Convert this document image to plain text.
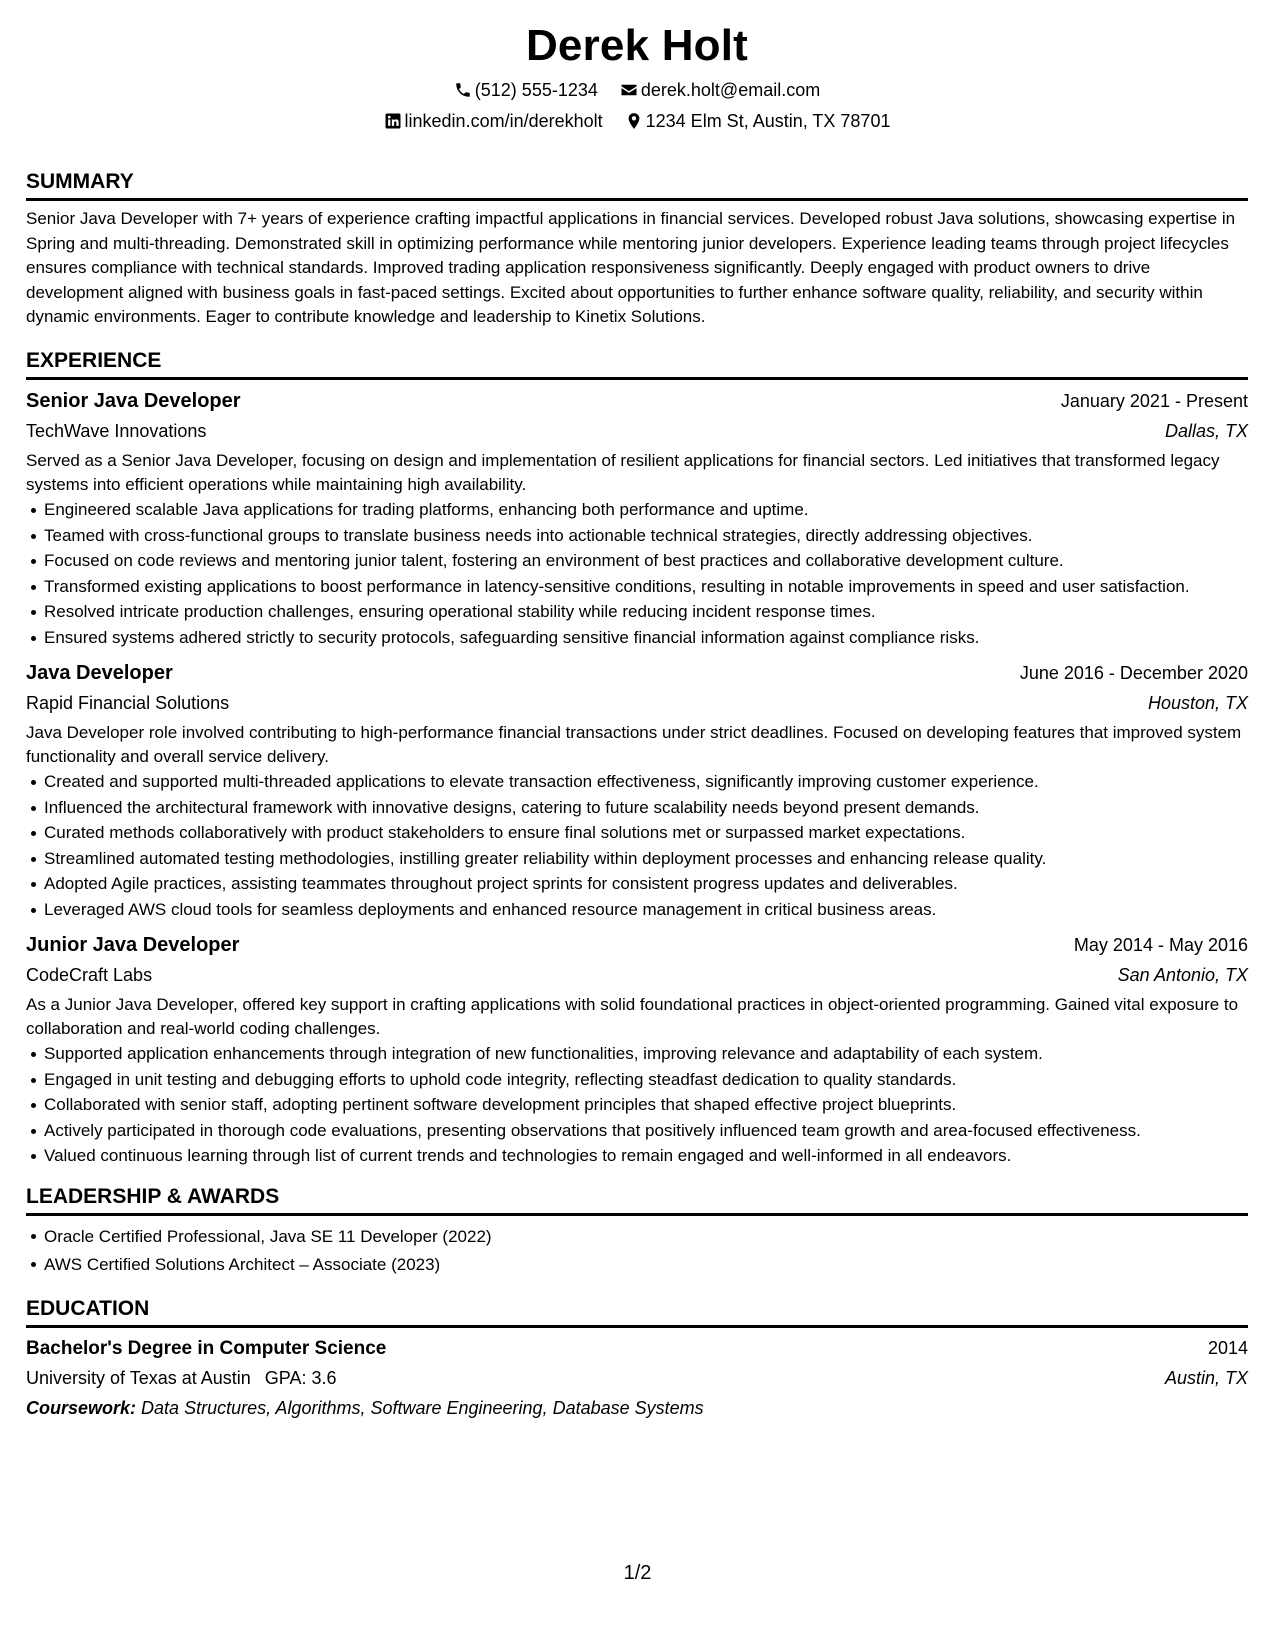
Derek Holt
(512) 555-1234 derek.holt@email.com
linkedin.com/in/derekholt 1234 Elm St, Austin, TX 78701
SUMMARY

Senior Java Developer with 7+ years of experience crafting impactful applications in financial services. Developed robust Java solutions, showcasing expertise in Spring and multi-threading. Demonstrated skill in optimizing performance while mentoring junior developers. Experience leading teams through project lifecycles ensures compliance with technical standards. Improved trading application responsiveness significantly. Deeply engaged with product owners to drive development aligned with business goals in fast-paced settings. Excited about opportunities to further enhance software quality, reliability, and security within dynamic environments. Eager to contribute knowledge and leadership to Kinetix Solutions.

EXPERIENCE
Senior Java Developer	January 2021 - Present
TechWave Innovations	Dallas, TX
Served as a Senior Java Developer, focusing on design and implementation of resilient applications for financial sectors. Led initiatives that transformed legacy systems into efficient operations while maintaining high availability.
Engineered scalable Java applications for trading platforms, enhancing both performance and uptime.
Teamed with cross-functional groups to translate business needs into actionable technical strategies, directly addressing objectives.
Focused on code reviews and mentoring junior talent, fostering an environment of best practices and collaborative development culture.
Transformed existing applications to boost performance in latency-sensitive conditions, resulting in notable improvements in speed and user satisfaction.
Resolved intricate production challenges, ensuring operational stability while reducing incident response times.
Ensured systems adhered strictly to security protocols, safeguarding sensitive financial information against compliance risks.
Java Developer	June 2016 - December 2020
Rapid Financial Solutions	Houston, TX
Java Developer role involved contributing to high-performance financial transactions under strict deadlines. Focused on developing features that improved system functionality and overall service delivery.
Created and supported multi-threaded applications to elevate transaction effectiveness, significantly improving customer experience.
Influenced the architectural framework with innovative designs, catering to future scalability needs beyond present demands.
Curated methods collaboratively with product stakeholders to ensure final solutions met or surpassed market expectations.
Streamlined automated testing methodologies, instilling greater reliability within deployment processes and enhancing release quality.
Adopted Agile practices, assisting teammates throughout project sprints for consistent progress updates and deliverables.
Leveraged AWS cloud tools for seamless deployments and enhanced resource management in critical business areas.
Junior Java Developer	May 2014 - May 2016
CodeCraft Labs	San Antonio, TX
As a Junior Java Developer, offered key support in crafting applications with solid foundational practices in object-oriented programming. Gained vital exposure to collaboration and real-world coding challenges.
Supported application enhancements through integration of new functionalities, improving relevance and adaptability of each system.
Engaged in unit testing and debugging efforts to uphold code integrity, reflecting steadfast dedication to quality standards.
Collaborated with senior staff, adopting pertinent software development principles that shaped effective project blueprints.
Actively participated in thorough code evaluations, presenting observations that positively influenced team growth and area-focused effectiveness.
Valued continuous learning through list of current trends and technologies to remain engaged and well-informed in all endeavors.
LEADERSHIP & AWARDS
Oracle Certified Professional, Java SE 11 Developer (2022)
AWS Certified Solutions Architect – Associate (2023)
EDUCATION
Bachelor's Degree in Computer Science	2014
University of Texas at Austin GPA: 3.6	Austin, TX
Coursework: Data Structures, Algorithms, Software Engineering, Database Systems
1/2
